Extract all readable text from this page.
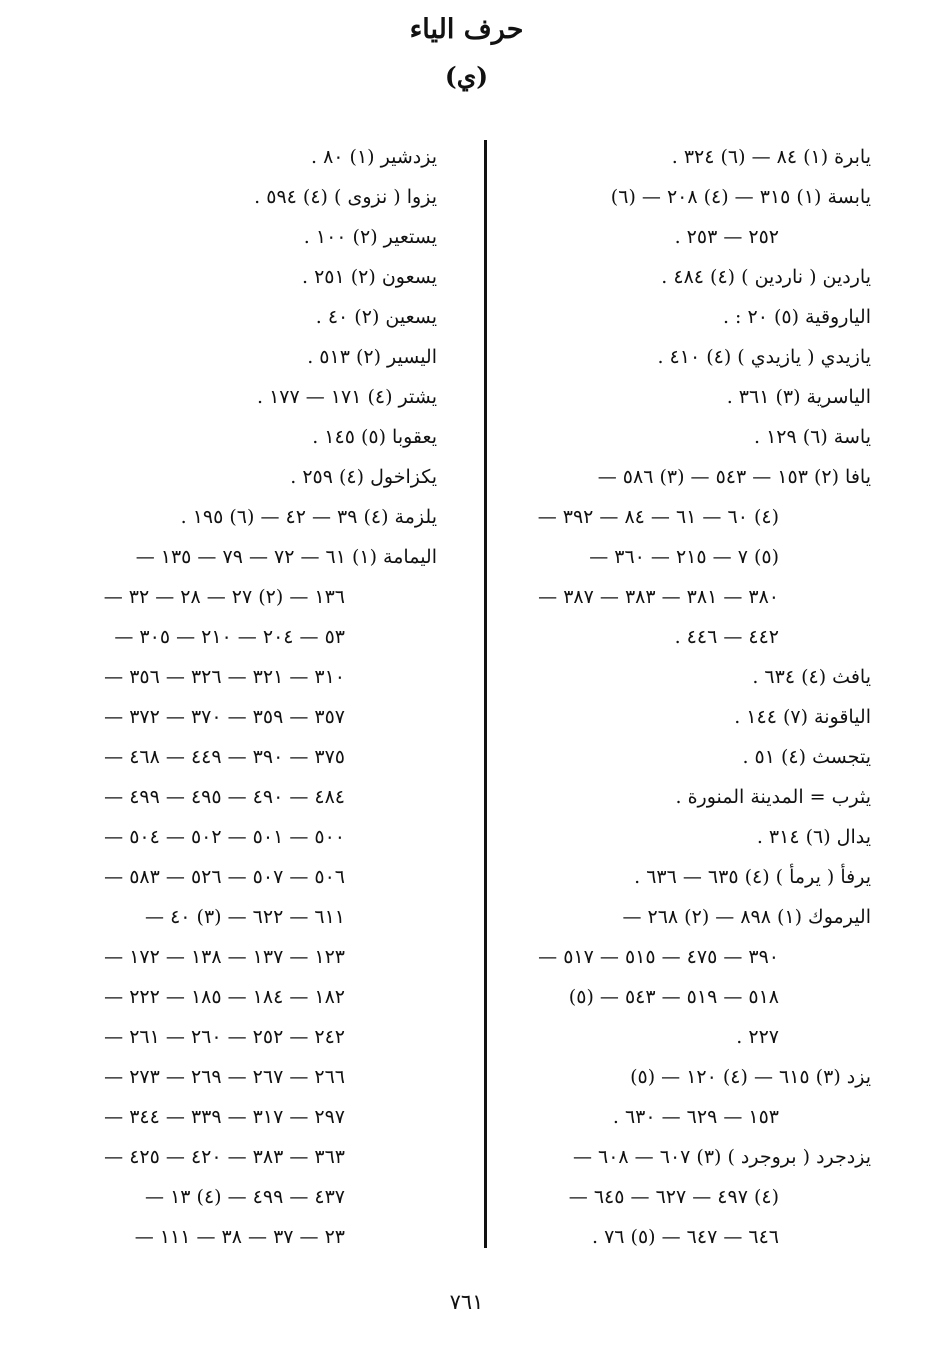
حرف الياء
(ي)
يابرة (١) ٨٤ — (٦) ٣٢٤ .
يابسة (١) ٣١٥ — (٤) ٢٠٨ — (٦)
٢٥٢ — ٢٥٣ .
ياردين ( ناردين ) (٤) ٤٨٤ .
الياروقية (٥) ٢٠ : .
يازيدي ( يازيدي ) (٤) ٤١٠ .
الياسرية (٣) ٣٦١ .
ياسة (٦) ١٢٩ .
يافا (٢) ١٥٣ — ٥٤٣ — (٣) ٥٨٦ —
(٤) ٦٠ — ٦١ — ٨٤ — ٣٩٢ —
(٥) ٧ — ٢١٥ — ٣٦٠ —
٣٨٠ — ٣٨١ — ٣٨٣ — ٣٨٧ —
٤٤٢ — ٤٤٦ .
يافث (٤) ٦٣٤ .
الياقونة (٧) ١٤٤ .
يتجسث (٤) ٥١ .
يثرب = المدينة المنورة .
يدال (٦) ٣١٤ .
يرفأ ( يرمأ ) (٤) ٦٣٥ — ٦٣٦ .
اليرموك (١) ٨٩٨ — (٢) ٢٦٨ —
٣٩٠ — ٤٧٥ — ٥١٥ — ٥١٧ —
٥١٨ — ٥١٩ — ٥٤٣ — (٥)
٢٢٧ .
يزد (٣) ٦١٥ — (٤) ١٢٠ — (٥)
١٥٣ — ٦٢٩ — ٦٣٠ .
يزدجرد ( بروجرد ) (٣) ٦٠٧ — ٦٠٨ —
(٤) ٤٩٧ — ٦٢٧ — ٦٤٥ —
٦٤٦ — ٦٤٧ — (٥) ٧٦ .
يزدشير (١) ٨٠ .
يزوا ( نزوى ) (٤) ٥٩٤ .
يستعير (٢) ١٠٠ .
يسعون (٢) ٢٥١ .
يسعين (٢) ٤٠ .
اليسير (٢) ٥١٣ .
يشتر (٤) ١٧١ — ١٧٧ .
يعقوبا (٥) ١٤٥ .
يكزاخول (٤) ٢٥٩ .
يلزمة (٤) ٣٩ — ٤٢ — (٦) ١٩٥ .
اليمامة (١) ٦١ — ٧٢ — ٧٩ — ١٣٥ —
١٣٦ — (٢) ٢٧ — ٢٨ — ٣٢ —
٥٣ — ٢٠٤ — ٢١٠ — ٣٠٥ —
٣١٠ — ٣٢١ — ٣٢٦ — ٣٥٦ —
٣٥٧ — ٣٥٩ — ٣٧٠ — ٣٧٢ —
٣٧٥ — ٣٩٠ — ٤٤٩ — ٤٦٨ —
٤٨٤ — ٤٩٠ — ٤٩٥ — ٤٩٩ —
٥٠٠ — ٥٠١ — ٥٠٢ — ٥٠٤ —
٥٠٦ — ٥٠٧ — ٥٢٦ — ٥٨٣ —
٦١١ — ٦٢٢ — (٣) ٤٠ —
١٢٣ — ١٣٧ — ١٣٨ — ١٧٢ —
١٨٢ — ١٨٤ — ١٨٥ — ٢٢٢ —
٢٤٢ — ٢٥٢ — ٢٦٠ — ٢٦١ —
٢٦٦ — ٢٦٧ — ٢٦٩ — ٢٧٣ —
٢٩٧ — ٣١٧ — ٣٣٩ — ٣٤٤ —
٣٦٣ — ٣٨٣ — ٤٢٠ — ٤٢٥ —
٤٣٧ — ٤٩٩ — (٤) ١٣ —
٢٣ — ٣٧ — ٣٨ — ١١١ —
٧٦١
